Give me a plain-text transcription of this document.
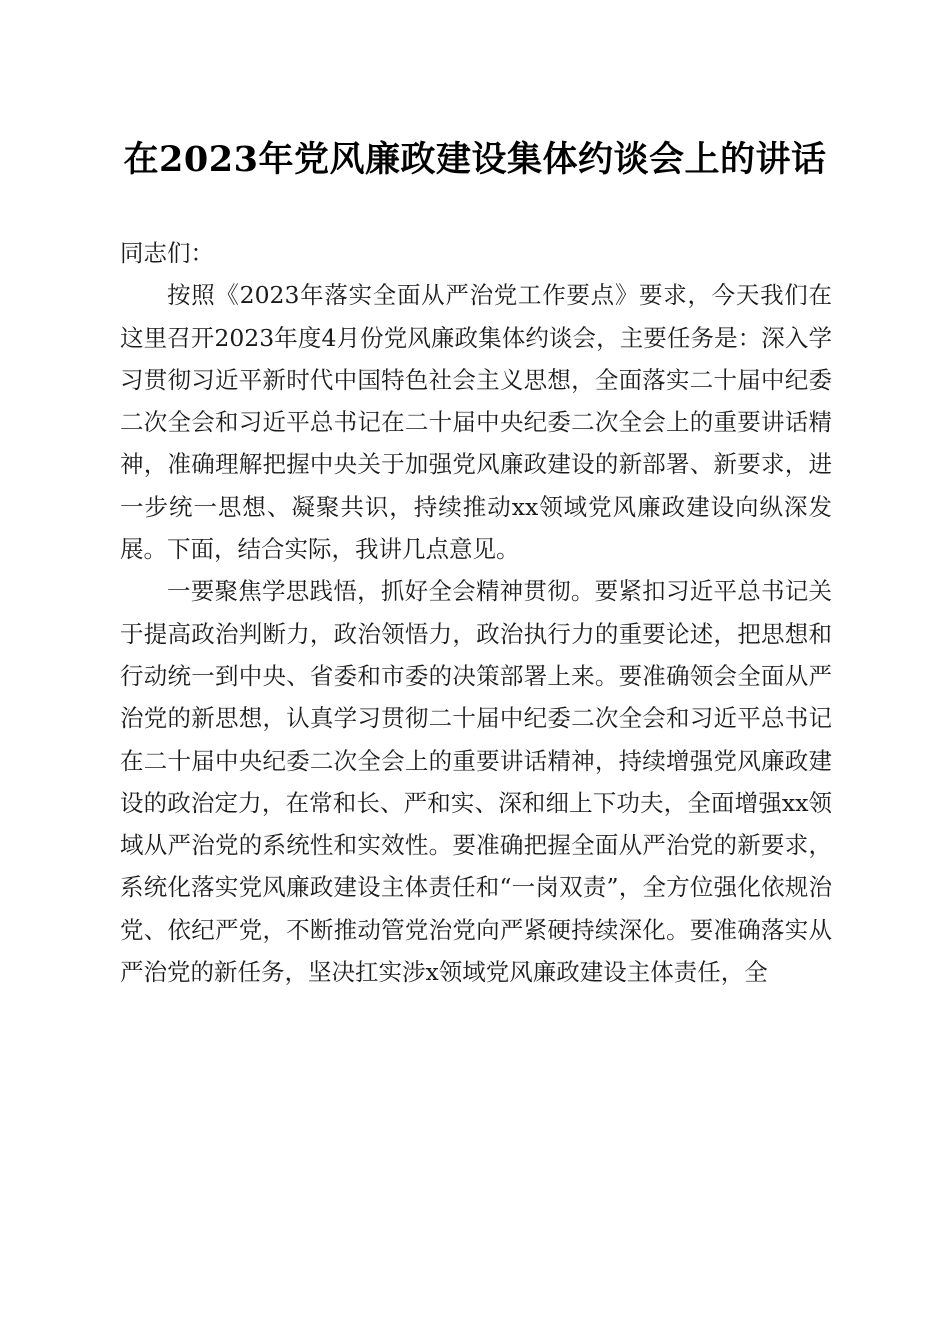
在2023年党风廉政建设集体约谈会上的讲话

同志们：

按照《2023年落实全面从严治党工作要点》要求，今天我们在这里召开2023年度4月份党风廉政集体约谈会，主要任务是：深入学习贯彻习近平新时代中国特色社会主义思想，全面落实二十届中纪委二次全会和习近平总书记在二十届中央纪委二次全会上的重要讲话精神，准确理解把握中央关于加强党风廉政建设的新部署、新要求，进一步统一思想、凝聚共识，持续推动xx领域党风廉政建设向纵深发展。下面，结合实际，我讲几点意见。

一要聚焦学思践悟，抓好全会精神贯彻。要紧扣习近平总书记关于提高政治判断力，政治领悟力，政治执行力的重要论述，把思想和行动统一到中央、省委和市委的决策部署上来。要准确领会全面从严治党的新思想，认真学习贯彻二十届中纪委二次全会和习近平总书记在二十届中央纪委二次全会上的重要讲话精神，持续增强党风廉政建设的政治定力，在常和长、严和实、深和细上下功夫，全面增强xx领域从严治党的系统性和实效性。要准确把握全面从严治党的新要求，系统化落实党风廉政建设主体责任和“一岗双责”，全方位强化依规治党、依纪严党，不断推动管党治党向严紧硬持续深化。要准确落实从严治党的新任务，坚决扛实涉x领域党风廉政建设主体责任，全
